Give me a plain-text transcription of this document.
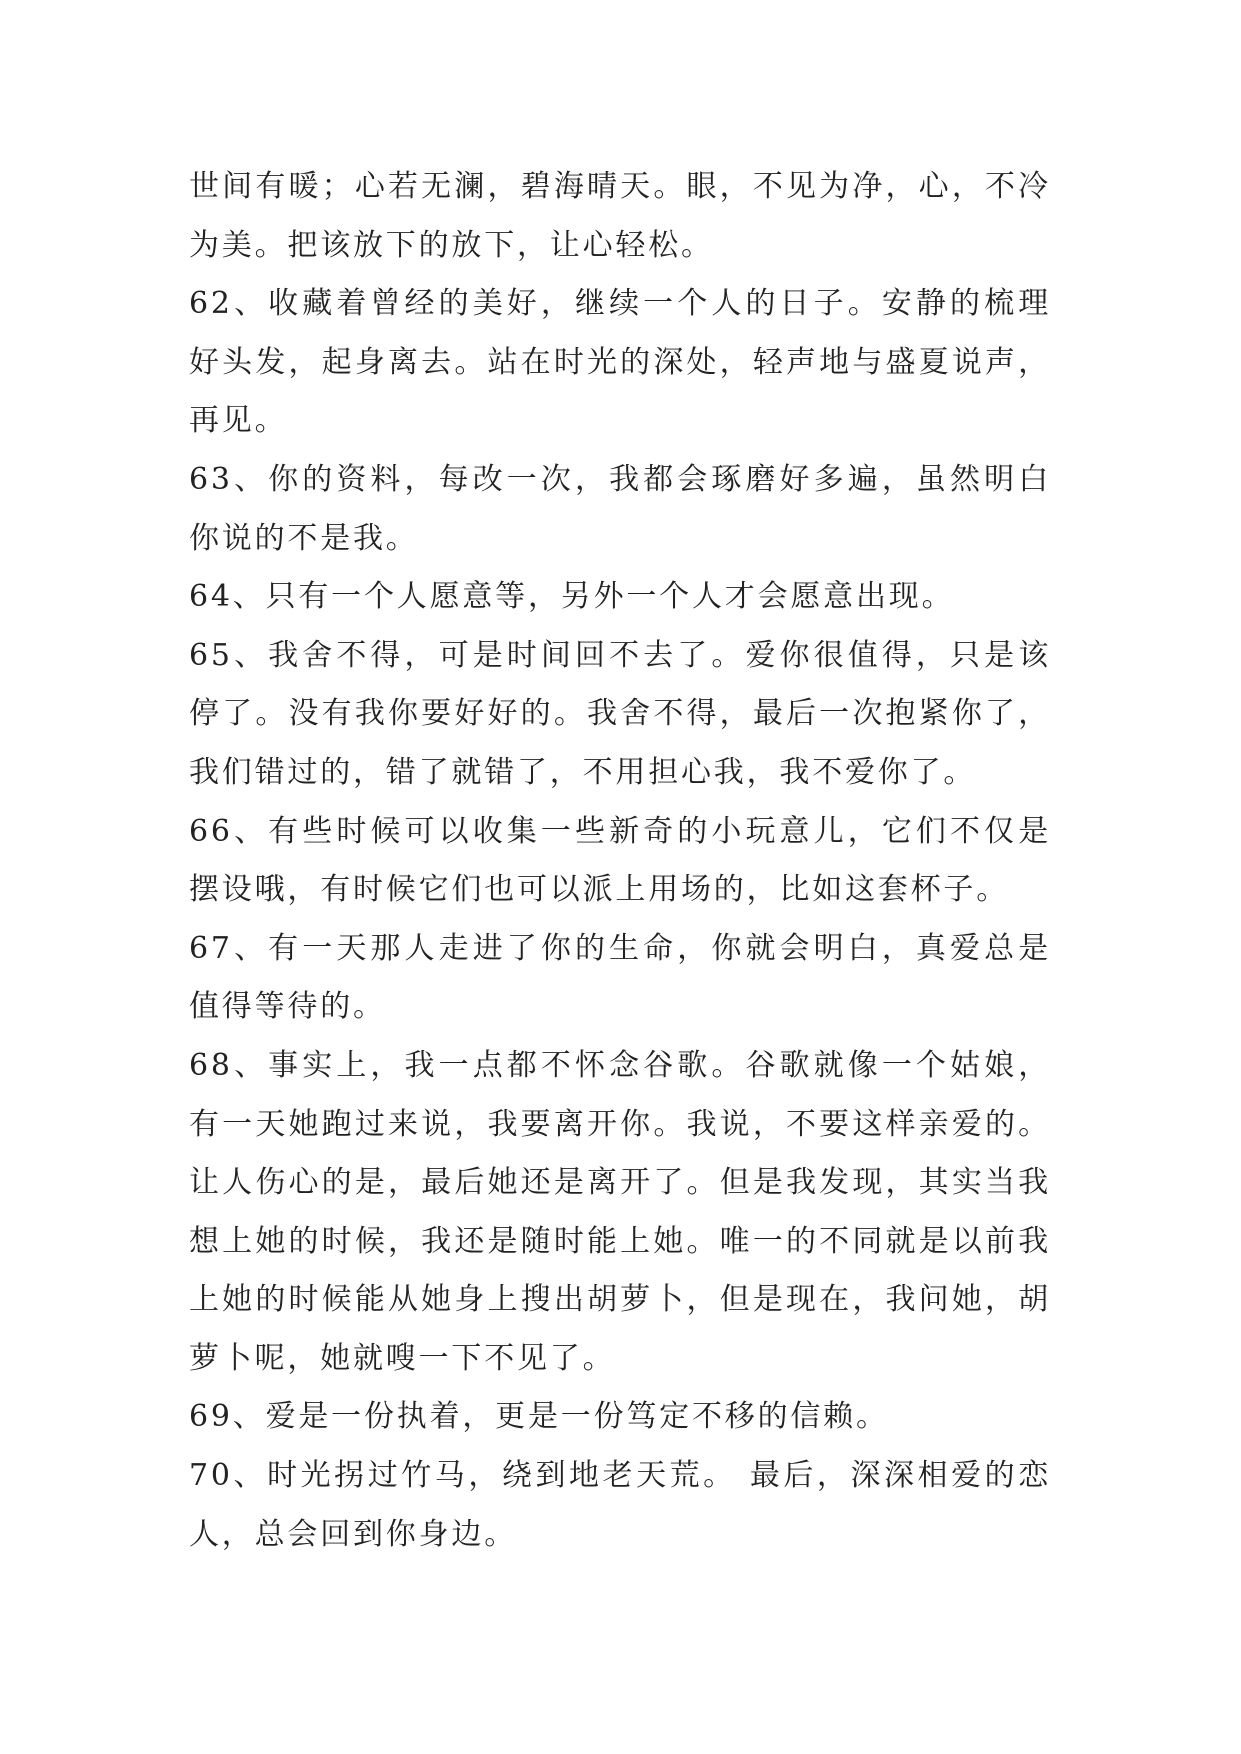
世间有暖；心若无澜，碧海晴天。眼，不见为净，心，不冷为美。把该放下的放下，让心轻松。

62、收藏着曾经的美好，继续一个人的日子。安静的梳理好头发，起身离去。站在时光的深处，轻声地与盛夏说声，再见。

63、你的资料，每改一次，我都会琢磨好多遍，虽然明白你说的不是我。

64、只有一个人愿意等，另外一个人才会愿意出现。

65、我舍不得，可是时间回不去了。爱你很值得，只是该停了。没有我你要好好的。我舍不得，最后一次抱紧你了，我们错过的，错了就错了，不用担心我，我不爱你了。

66、有些时候可以收集一些新奇的小玩意儿，它们不仅是摆设哦，有时候它们也可以派上用场的，比如这套杯子。

67、有一天那人走进了你的生命，你就会明白，真爱总是值得等待的。

68、事实上，我一点都不怀念谷歌。谷歌就像一个姑娘，有一天她跑过来说，我要离开你。我说，不要这样亲爱的。让人伤心的是，最后她还是离开了。但是我发现，其实当我想上她的时候，我还是随时能上她。唯一的不同就是以前我上她的时候能从她身上搜出胡萝卜，但是现在，我问她，胡萝卜呢，她就嗖一下不见了。

69、爱是一份执着，更是一份笃定不移的信赖。

70、时光拐过竹马，绕到地老天荒。 最后，深深相爱的恋人，总会回到你身边。
